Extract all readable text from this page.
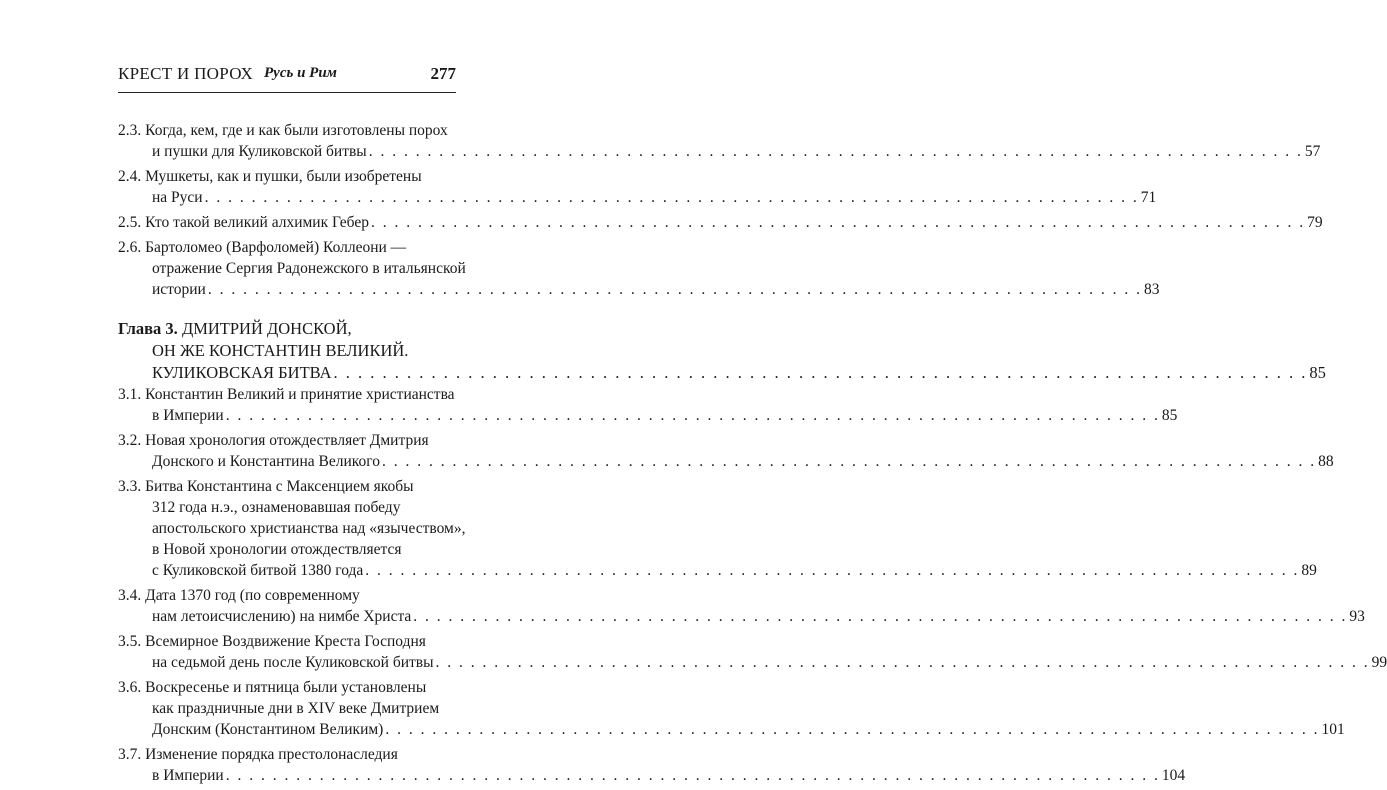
КРЕСТ И ПОРОХ Русь и Рим	277
2.3. Когда, кем, где и как были изготовлены порох
и пушки для Куликовской битвы . . . . . . . . . . . . . . . . . . . . . . . . . . . . . . . . . . . . . . . . . . . . . . . . . . . . . . . . . . . . . . . . . . . . . . . . . . . . . . . . 57
2.4. Мушкеты, как и пушки, были изобретены
на Руси . . . . . . . . . . . . . . . . . . . . . . . . . . . . . . . . . . . . . . . . . . . . . . . . . . . . . . . . . . . . . . . . . . . . . . . . . . . . . . . . 71
2.5. Кто такой великий алхимик Гебер . . . . . . . . . . . . . . . . . . . . . . . . . . . . . . . . . . . . . . . . . . . . . . . . . . . . . . . . . . . . . . . . . . . . . . . . . . . . . . . . 79
2.6. Бартоломео (Варфоломей) Коллеони —
отражение Сергия Радонежского в итальянской
истории . . . . . . . . . . . . . . . . . . . . . . . . . . . . . . . . . . . . . . . . . . . . . . . . . . . . . . . . . . . . . . . . . . . . . . . . . . . . . . . . 83
Глава 3. ДМИТРИЙ ДОНСКОЙ,
ОН ЖЕ КОНСТАНТИН ВЕЛИКИЙ.
КУЛИКОВСКАЯ БИТВА . . . . . . . . . . . . . . . . . . . . . . . . . . . . . . . . . . . . . . . . . . . . . . . . . . . . . . . . . . . . . . . . . . . . . . . . . . . . . . . . 85
3.1. Константин Великий и принятие христианства
в Империи . . . . . . . . . . . . . . . . . . . . . . . . . . . . . . . . . . . . . . . . . . . . . . . . . . . . . . . . . . . . . . . . . . . . . . . . . . . . . . . . 85
3.2. Новая хронология отождествляет Дмитрия
Донского и Константина Великого . . . . . . . . . . . . . . . . . . . . . . . . . . . . . . . . . . . . . . . . . . . . . . . . . . . . . . . . . . . . . . . . . . . . . . . . . . . . . . . . 88
3.3. Битва Константина с Максенцием якобы
312 года н.э., ознаменовавшая победу
апостольского христианства над «язычеством»,
в Новой хронологии отождествляется
с Куликовской битвой 1380 года . . . . . . . . . . . . . . . . . . . . . . . . . . . . . . . . . . . . . . . . . . . . . . . . . . . . . . . . . . . . . . . . . . . . . . . . . . . . . . . . 89
3.4. Дата 1370 год (по современному
нам летоисчислению) на нимбе Христа . . . . . . . . . . . . . . . . . . . . . . . . . . . . . . . . . . . . . . . . . . . . . . . . . . . . . . . . . . . . . . . . . . . . . . . . . . . . . . . . 93
3.5. Всемирное Воздвижение Креста Господня
на седьмой день после Куликовской битвы . . . . . . . . . . . . . . . . . . . . . . . . . . . . . . . . . . . . . . . . . . . . . . . . . . . . . . . . . . . . . . . . . . . . . . . . . . . . . . . . 99
3.6. Воскресенье и пятница были установлены
как праздничные дни в XIV веке Дмитрием
Донским (Константином Великим) . . . . . . . . . . . . . . . . . . . . . . . . . . . . . . . . . . . . . . . . . . . . . . . . . . . . . . . . . . . . . . . . . . . . . . . . . . . . . . . . 101
3.7. Изменение порядка престолонаследия
в Империи . . . . . . . . . . . . . . . . . . . . . . . . . . . . . . . . . . . . . . . . . . . . . . . . . . . . . . . . . . . . . . . . . . . . . . . . . . . . . . . . 104
